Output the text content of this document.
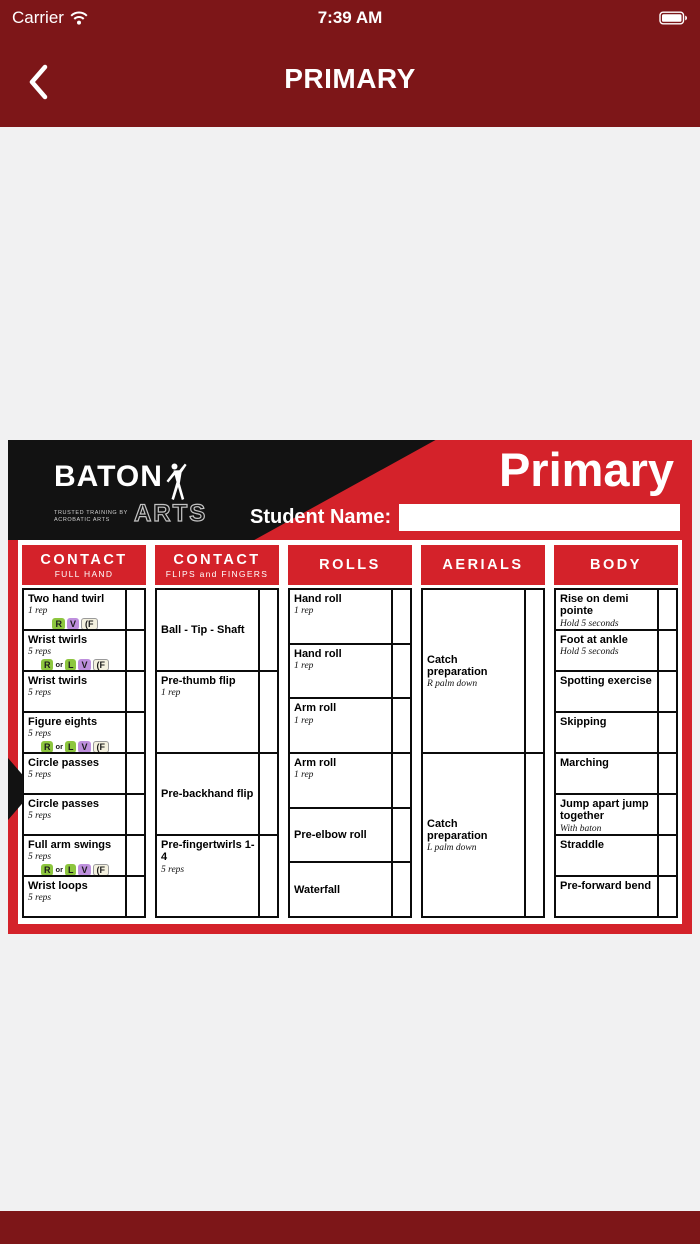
Carrier	7:39 AM
PRIMARY
BATON
TRUSTED TRAINING BY
ACROBATIC ARTS	ARTS
Primary
Student Name:
CONTACT
FULL HAND
Two hand twirl
1 rep
R V	(F
Wrist twirls
5 reps
R or L V	(F
Wrist twirls
5 reps
Figure eights
5 reps
R or L V	(F
Circle passes
5 reps
Circle passes
5 reps
Full arm swings
5 reps
R or L V	(F
Wrist loops
5 reps
CONTACT
FLIPS and FINGERS
Ball - Tip - Shaft
Pre-thumb flip
1 rep
Pre-backhand flip
Pre-fingertwirls 1-4
5 reps
ROLLS
Hand roll
1 rep
Hand roll
1 rep
Arm roll
1 rep
Arm roll
1 rep
Pre-elbow roll
Waterfall
AERIALS
Catch preparation
R palm down
Catch preparation
L palm down
BODY
Rise on demi pointe
Hold 5 seconds
Foot at ankle
Hold 5 seconds
Spotting exercise
Skipping
Marching
Jump apart jump together
With baton
Straddle
Pre-forward bend
